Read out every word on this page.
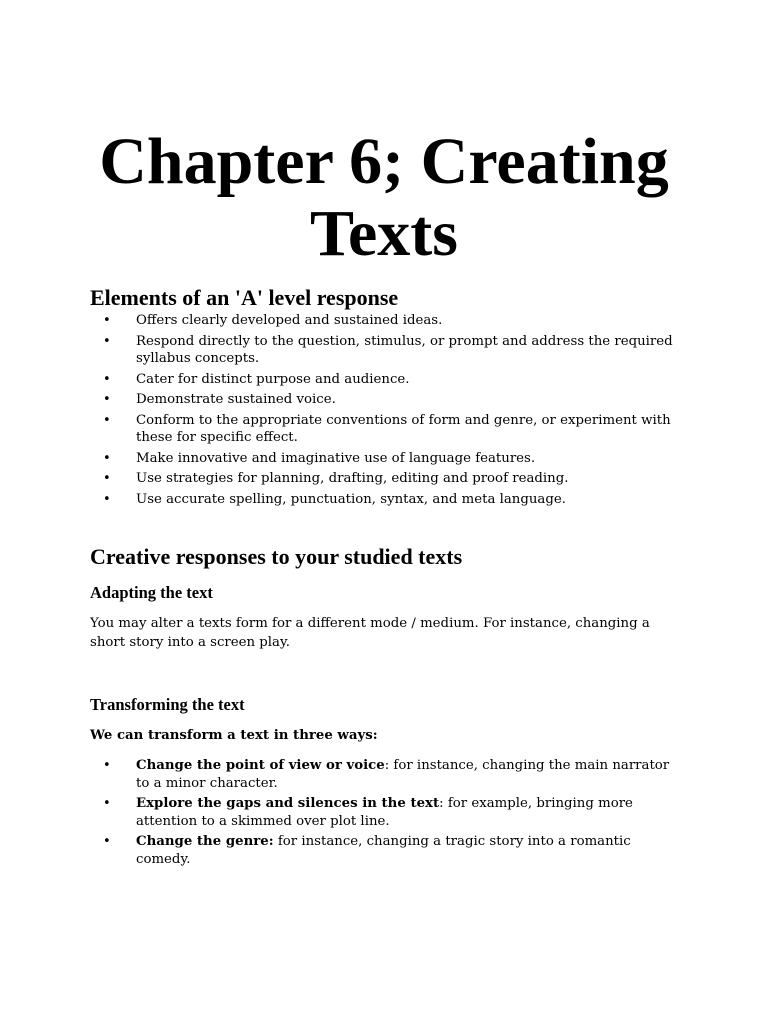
Chapter 6; Creating Texts
Elements of an 'A' level response
• Offers clearly developed and sustained ideas.
• Respond directly to the question, stimulus, or prompt and address the required syllabus concepts.
• Cater for distinct purpose and audience.
• Demonstrate sustained voice.
• Conform to the appropriate conventions of form and genre, or experiment with these for specific effect.
• Make innovative and imaginative use of language features.
• Use strategies for planning, drafting, editing and proof reading.
• Use accurate spelling, punctuation, syntax, and meta language.
Creative responses to your studied texts
Adapting the text

You may alter a texts form for a different mode / medium. For instance, changing a short story into a screen play.

Transforming the text

We can transform a text in three ways:

• Change the point of view or voice: for instance, changing the main narrator to a minor character.
• Explore the gaps and silences in the text: for example, bringing more attention to a skimmed over plot line.
• Change the genre: for instance, changing a tragic story into a romantic comedy.
